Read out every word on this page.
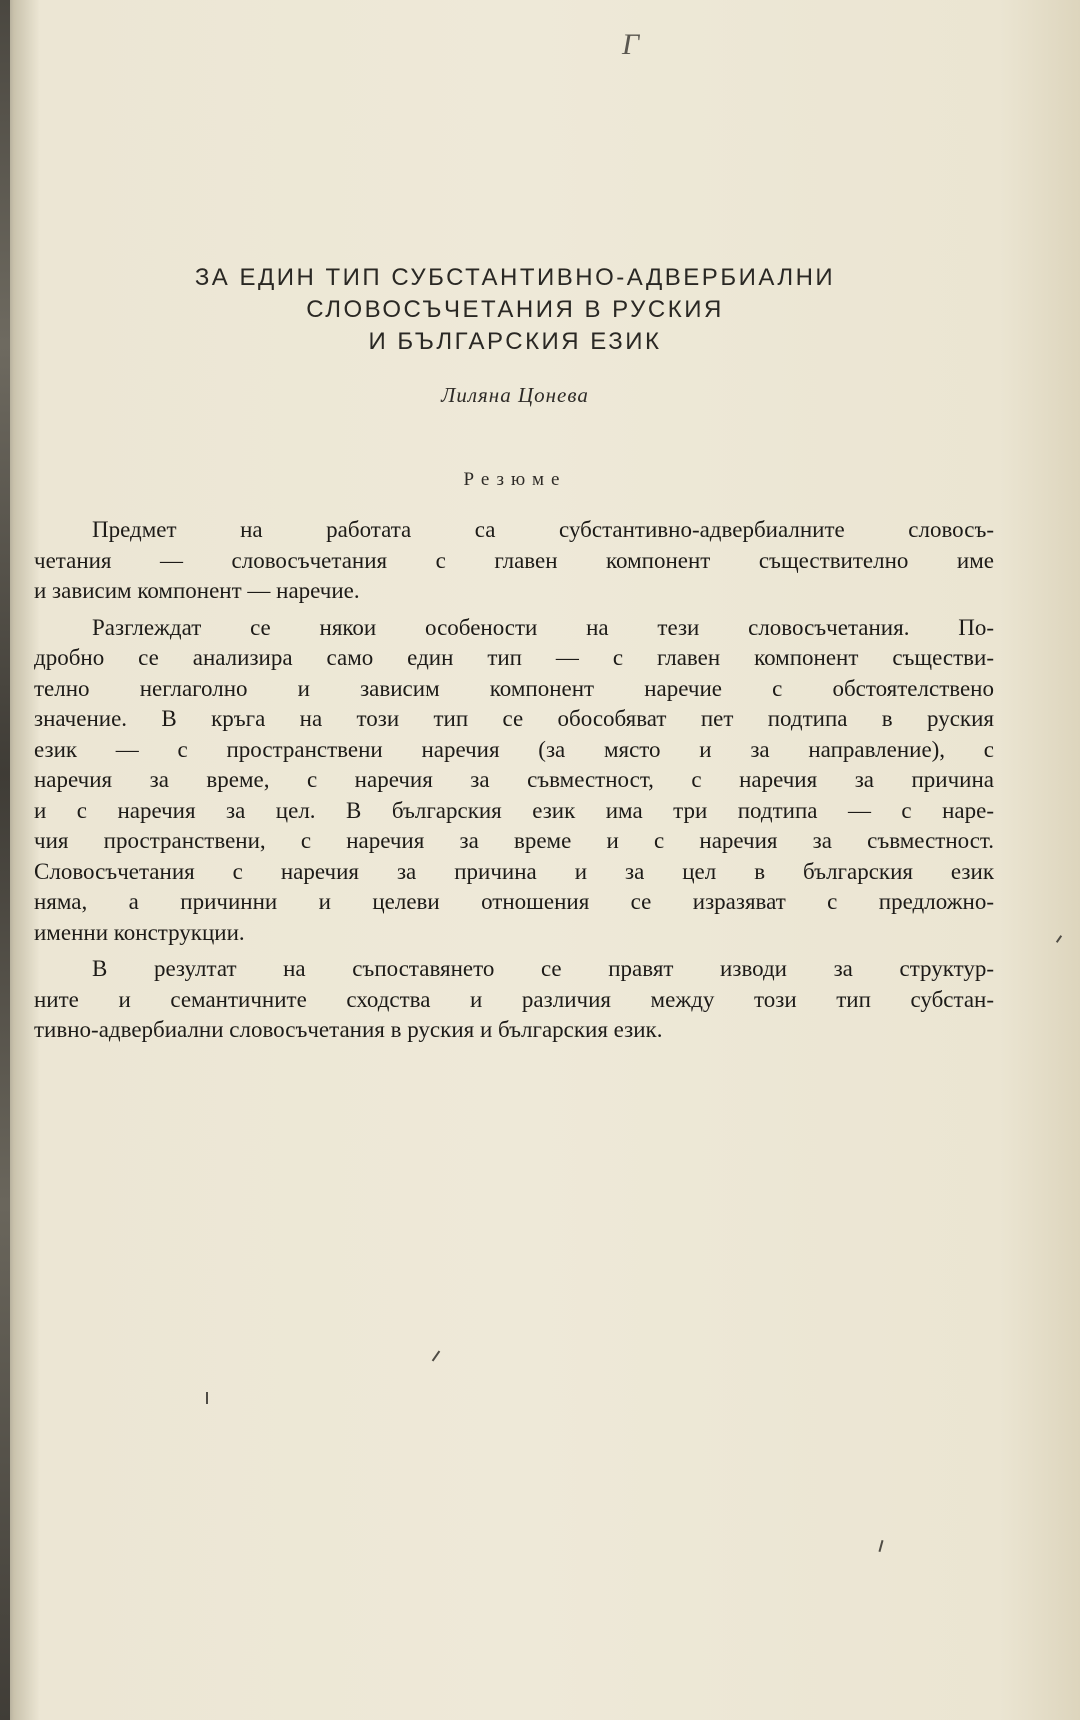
Г
ЗА ЕДИН ТИП СУБСТАНТИВНО-АДВЕРБИАЛНИ
СЛОВОСЪЧЕТАНИЯ В РУСКИЯ
И БЪЛГАРСКИЯ ЕЗИК
Лиляна Цонева
Резюме
Предмет на работата са субстантивно-адвербиалните словосъ-
четания — словосъчетания с главен компонент съществително име
и зависим компонент — наречие.
Разглеждат се някои особености на тези словосъчетания. По-
дробно се анализира само един тип — с главен компонент съществи-
телно неглаголно и зависим компонент наречие с обстоятелствено
значение. В кръга на този тип се обособяват пет подтипа в руския
език — с пространствени наречия (за място и за направление), с
наречия за време, с наречия за съвместност, с наречия за причина
и с наречия за цел. В българския език има три подтипа — с наре-
чия пространствени, с наречия за време и с наречия за съвместност.
Словосъчетания с наречия за причина и за цел в българския език
няма, а причинни и целеви отношения се изразяват с предложно-
именни конструкции.
В резултат на съпоставянето се правят изводи за структур-
ните и семантичните сходства и различия между този тип субстан-
тивно-адвербиални словосъчетания в руския и българския език.
